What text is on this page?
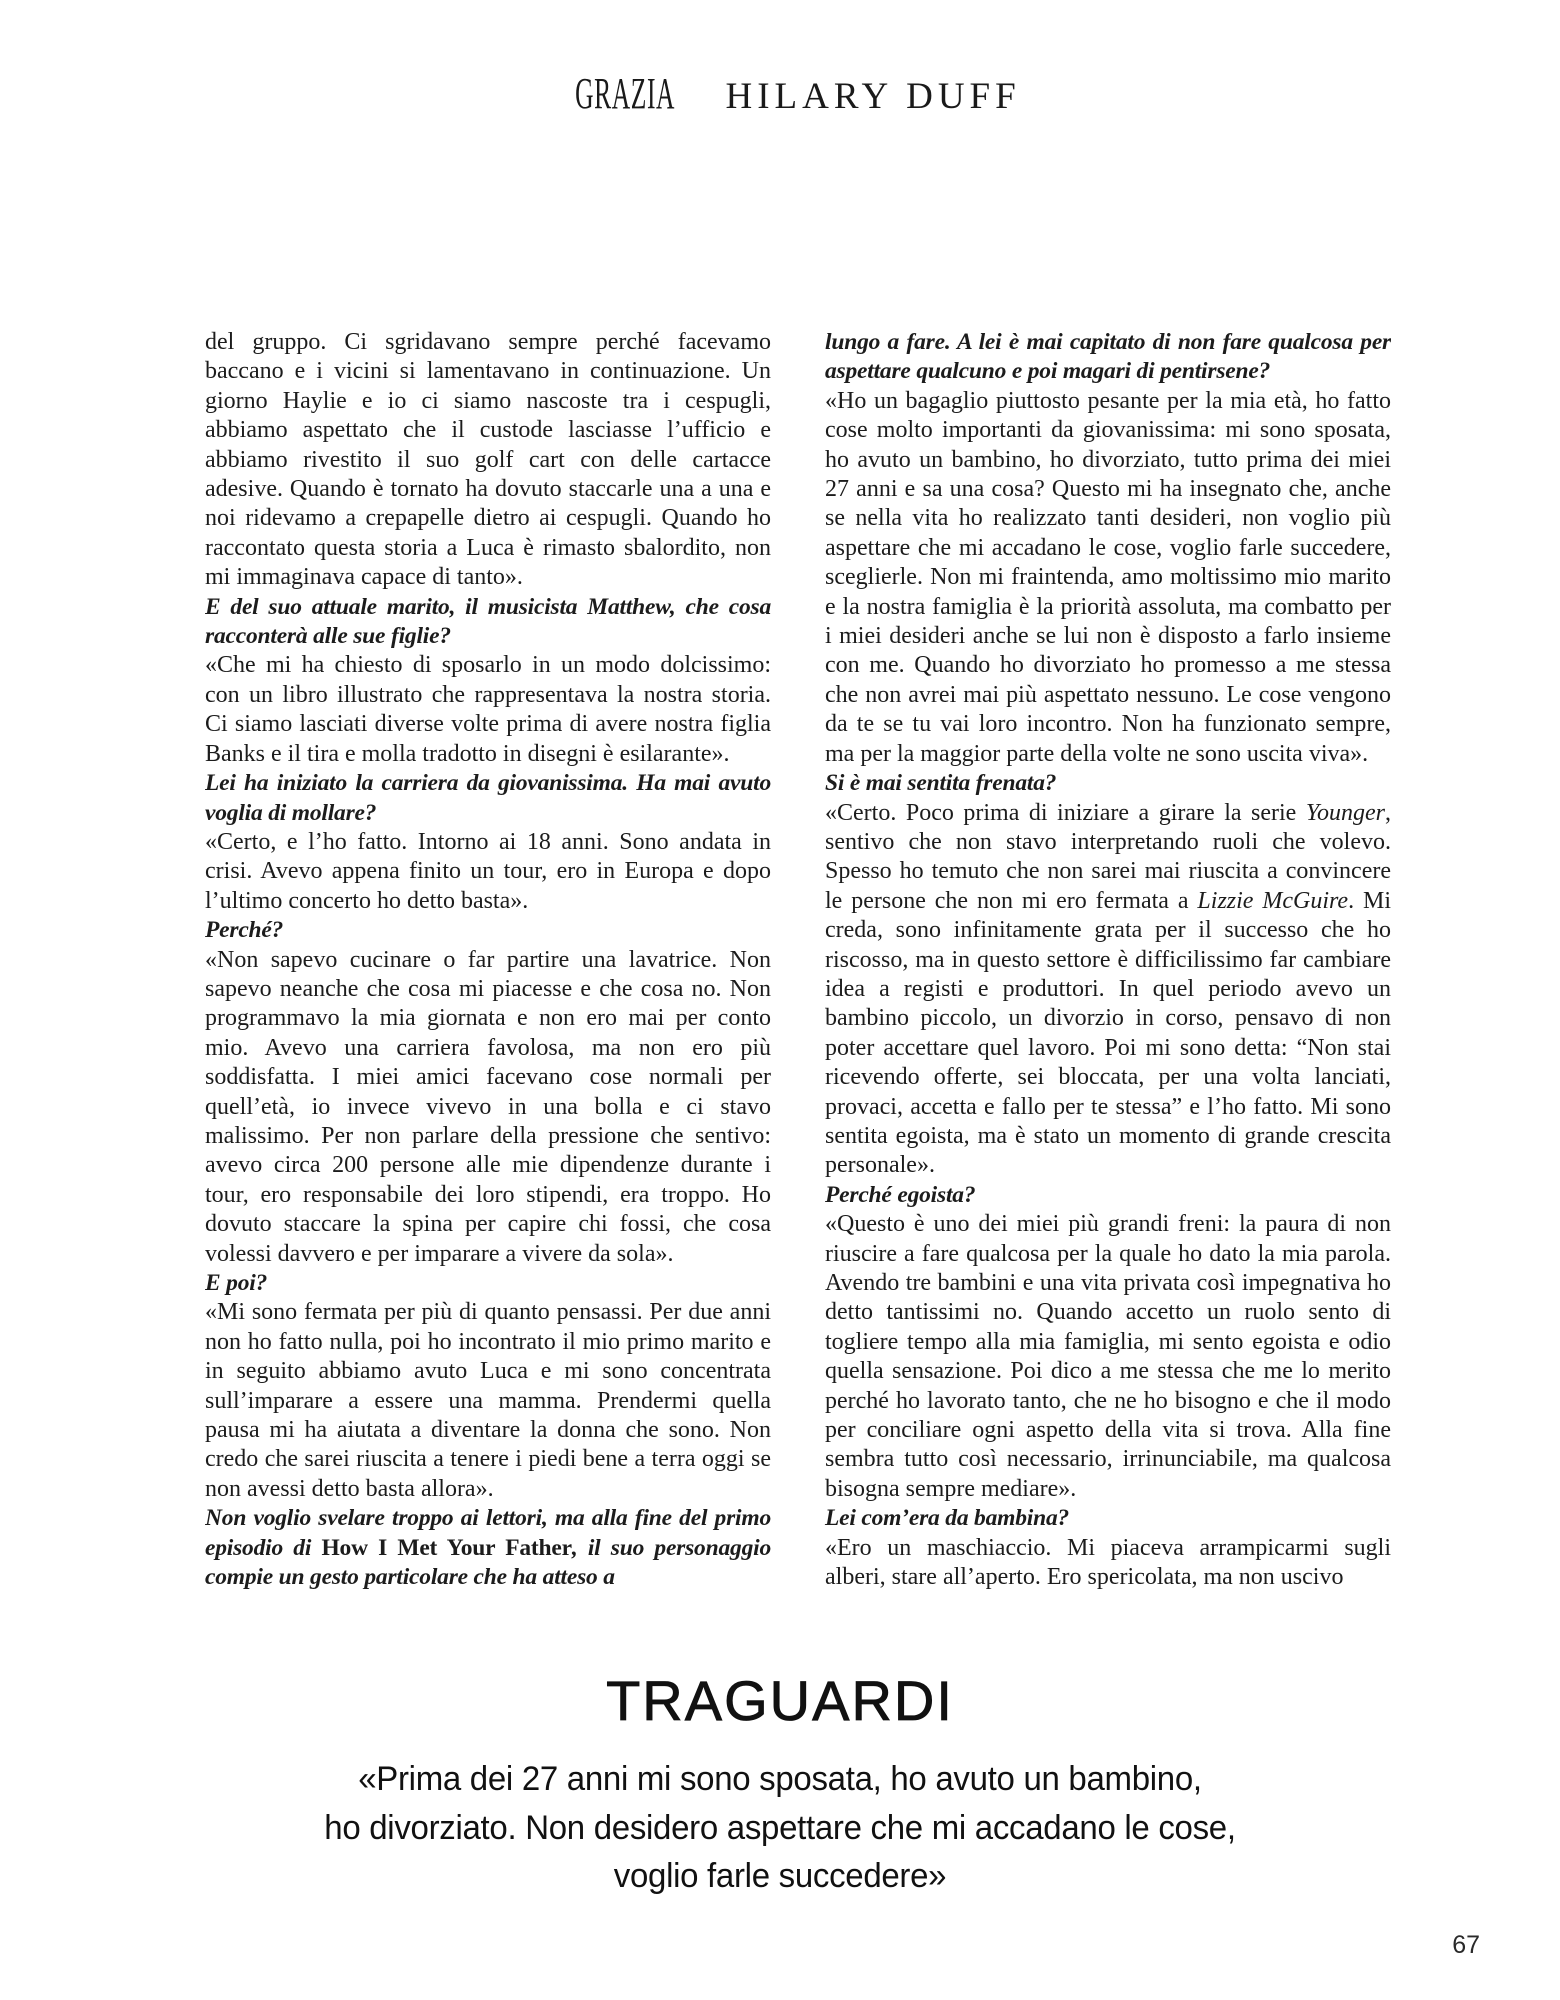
GRAZIA HILARY DUFF

del gruppo. Ci sgridavano sempre perché facevamo baccano e i vicini si lamentavano in continuazione. Un giorno Haylie e io ci siamo nascoste tra i cespugli, abbiamo aspettato che il custode lasciasse l’ufficio e abbiamo rivestito il suo golf cart con delle cartacce adesive. Quando è tornato ha dovuto staccarle una a una e noi ridevamo a crepapelle dietro ai cespugli. Quando ho raccontato questa storia a Luca è rimasto sbalordito, non mi immaginava capace di tanto».

E del suo attuale marito, il musicista Matthew, che cosa racconterà alle sue figlie?

«Che mi ha chiesto di sposarlo in un modo dolcissimo: con un libro illustrato che rappresentava la nostra storia. Ci siamo lasciati diverse volte prima di avere nostra figlia Banks e il tira e molla tradotto in disegni è esilarante».

Lei ha iniziato la carriera da giovanissima. Ha mai avuto voglia di mollare?

«Certo, e l’ho fatto. Intorno ai 18 anni. Sono andata in crisi. Avevo appena finito un tour, ero in Europa e dopo l’ultimo concerto ho detto basta».

Perché?

«Non sapevo cucinare o far partire una lavatrice. Non sapevo neanche che cosa mi piacesse e che cosa no. Non programmavo la mia giornata e non ero mai per conto mio. Avevo una carriera favolosa, ma non ero più soddisfatta. I miei amici facevano cose normali per quell’età, io invece vivevo in una bolla e ci stavo malissimo. Per non parlare della pressione che sentivo: avevo circa 200 persone alle mie dipendenze durante i tour, ero responsabile dei loro stipendi, era troppo. Ho dovuto staccare la spina per capire chi fossi, che cosa volessi davvero e per imparare a vivere da sola».

E poi?

«Mi sono fermata per più di quanto pensassi. Per due anni non ho fatto nulla, poi ho incontrato il mio primo marito e in seguito abbiamo avuto Luca e mi sono concentrata sull’imparare a essere una mamma. Prendermi quella pausa mi ha aiutata a diventare la donna che sono. Non credo che sarei riuscita a tenere i piedi bene a terra oggi se non avessi detto basta allora».

Non voglio svelare troppo ai lettori, ma alla fine del primo episodio di How I Met Your Father, il suo personaggio compie un gesto particolare che ha atteso a

lungo a fare. A lei è mai capitato di non fare qualcosa per aspettare qualcuno e poi magari di pentirsene?

«Ho un bagaglio piuttosto pesante per la mia età, ho fatto cose molto importanti da giovanissima: mi sono sposata, ho avuto un bambino, ho divorziato, tutto prima dei miei 27 anni e sa una cosa? Questo mi ha insegnato che, anche se nella vita ho realizzato tanti desideri, non voglio più aspettare che mi accadano le cose, voglio farle succedere, sceglierle. Non mi fraintenda, amo moltissimo mio marito e la nostra famiglia è la priorità assoluta, ma combatto per i miei desideri anche se lui non è disposto a farlo insieme con me. Quando ho divorziato ho promesso a me stessa che non avrei mai più aspettato nessuno. Le cose vengono da te se tu vai loro incontro. Non ha funzionato sempre, ma per la maggior parte della volte ne sono uscita viva».

Si è mai sentita frenata?

«Certo. Poco prima di iniziare a girare la serie Younger, sentivo che non stavo interpretando ruoli che volevo. Spesso ho temuto che non sarei mai riuscita a convincere le persone che non mi ero fermata a Lizzie McGuire. Mi creda, sono infinitamente grata per il successo che ho riscosso, ma in questo settore è difficilissimo far cambiare idea a registi e produttori. In quel periodo avevo un bambino piccolo, un divorzio in corso, pensavo di non poter accettare quel lavoro. Poi mi sono detta: “Non stai ricevendo offerte, sei bloccata, per una volta lanciati, provaci, accetta e fallo per te stessa” e l’ho fatto. Mi sono sentita egoista, ma è stato un momento di grande crescita personale».

Perché egoista?

«Questo è uno dei miei più grandi freni: la paura di non riuscire a fare qualcosa per la quale ho dato la mia parola. Avendo tre bambini e una vita privata così impegnativa ho detto tantissimi no. Quando accetto un ruolo sento di togliere tempo alla mia famiglia, mi sento egoista e odio quella sensazione. Poi dico a me stessa che me lo merito perché ho lavorato tanto, che ne ho bisogno e che il modo per conciliare ogni aspetto della vita si trova. Alla fine sembra tutto così necessario, irrinunciabile, ma qualcosa bisogna sempre mediare».

Lei com’era da bambina?

«Ero un maschiaccio. Mi piaceva arrampicarmi sugli alberi, stare all’aperto. Ero spericolata, ma non uscivo

TRAGUARDI
«Prima dei 27 anni mi sono sposata, ho avuto un bambino,
ho divorziato. Non desidero aspettare che mi accadano le cose,
voglio farle succedere»
67
